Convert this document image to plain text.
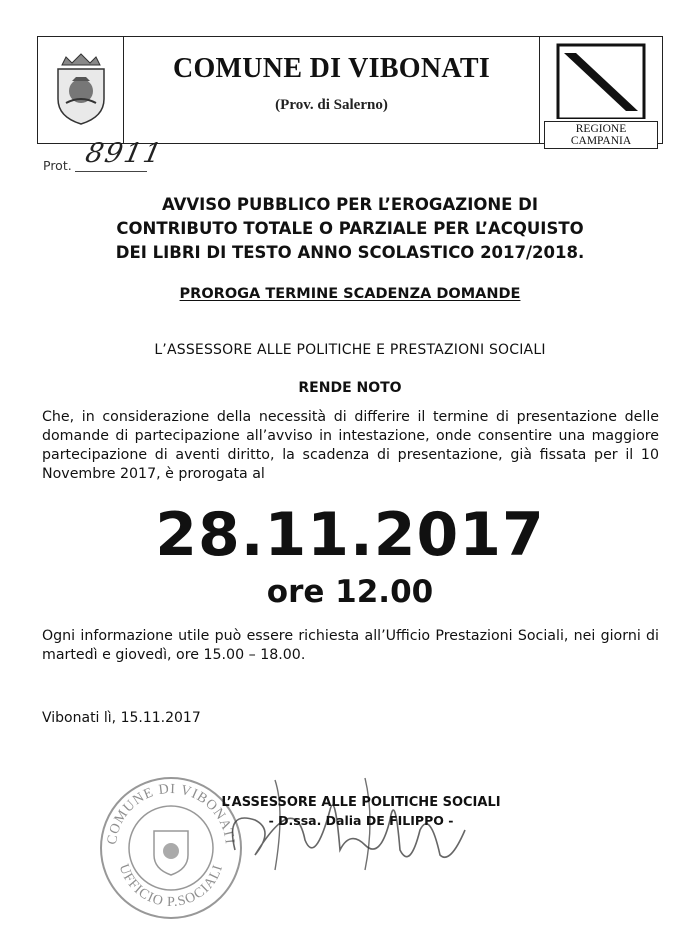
COMUNE DI VIBONATI
(Prov. di Salerno)
REGIONE CAMPANIA
Prot. 8911
AVVISO PUBBLICO PER L’EROGAZIONE DI
CONTRIBUTO TOTALE O PARZIALE PER L’ACQUISTO
DEI LIBRI DI TESTO ANNO SCOLASTICO 2017/2018.
PROROGA TERMINE SCADENZA DOMANDE
L’ASSESSORE ALLE POLITICHE E PRESTAZIONI SOCIALI
RENDE NOTO
Che, in considerazione della necessità di differire il termine di presentazione delle domande di partecipazione all’avviso in intestazione, onde consentire una maggiore partecipazione di aventi diritto, la scadenza di presentazione, già fissata per il 10 Novembre 2017, è prorogata al
28.11.2017
ore 12.00
Ogni informazione utile può essere richiesta all’Ufficio Prestazioni Sociali, nei giorni di martedì e giovedì, ore 15.00 – 18.00.
Vibonati lì, 15.11.2017
COMUNE DI VIBONATI
UFFICIO P.SOCIALI
L’ASSESSORE ALLE POLITICHE SOCIALI
- D.ssa. Dalia DE FILIPPO -
